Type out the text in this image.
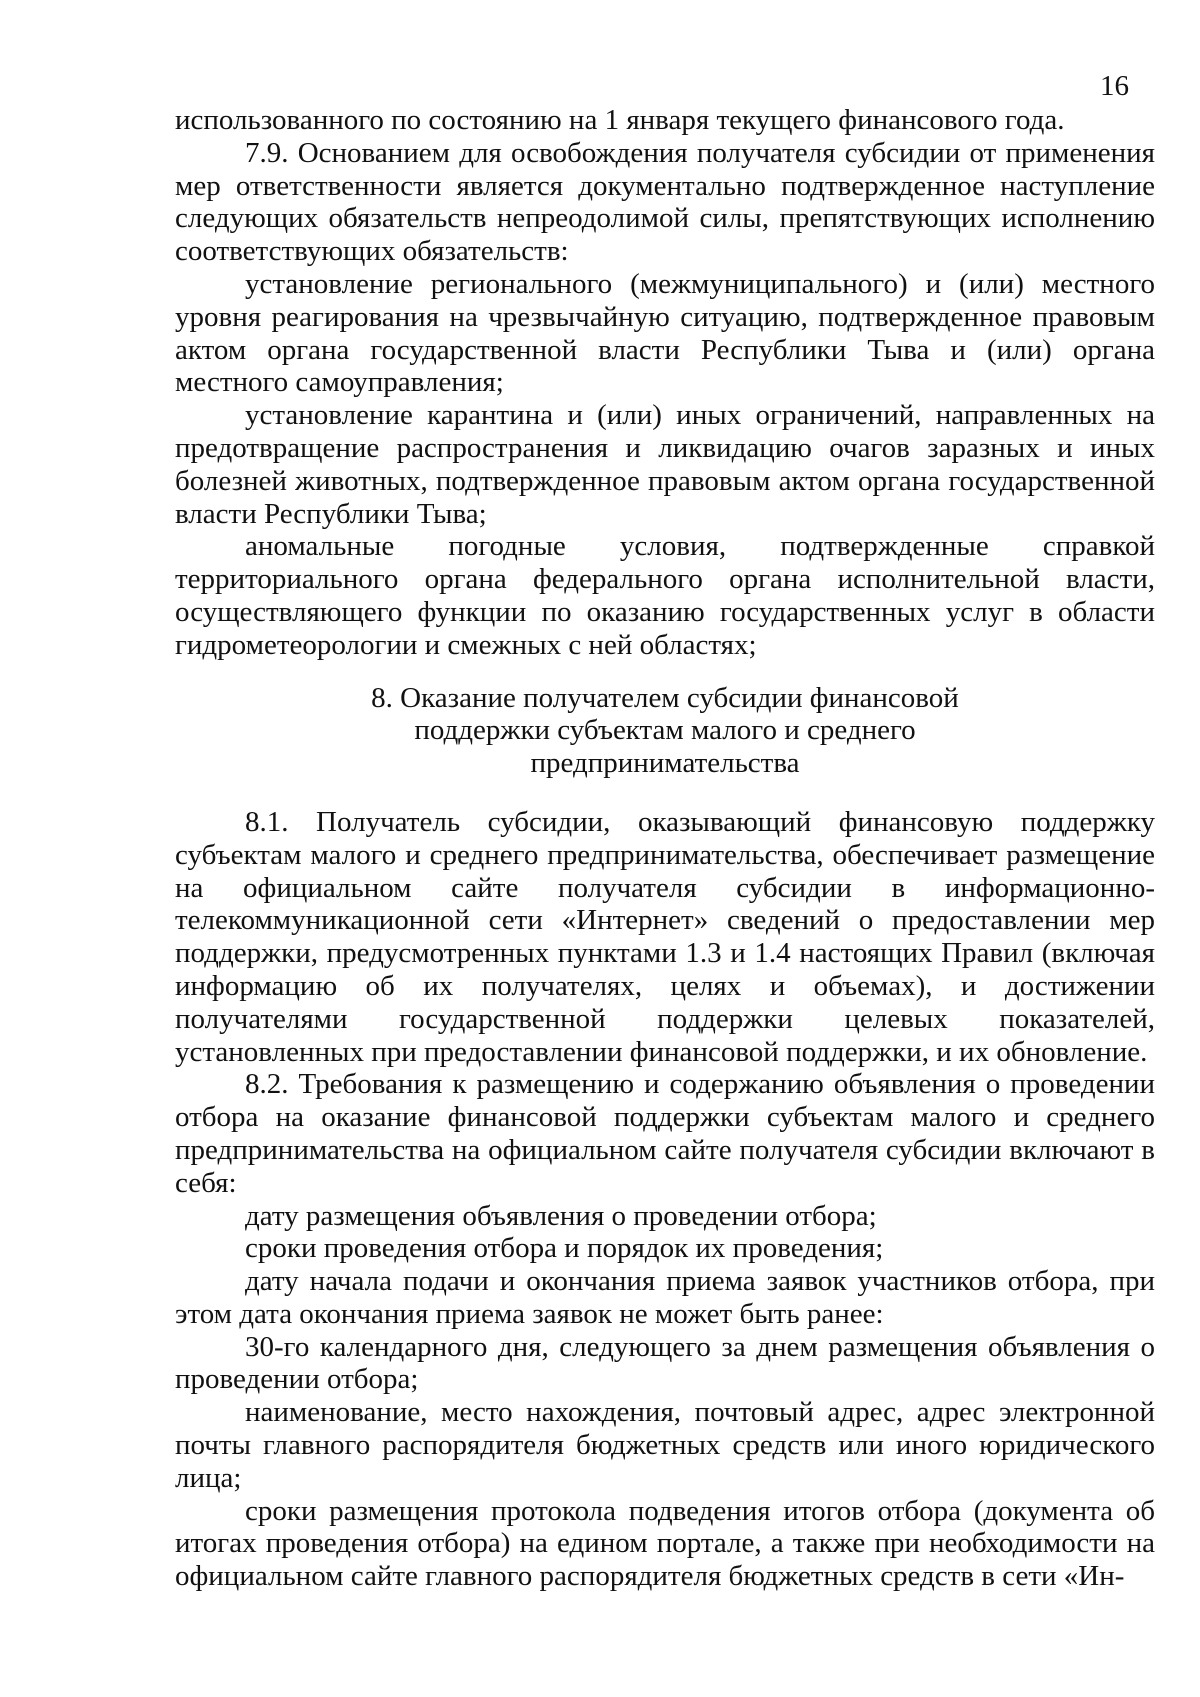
16

использованного по состоянию на 1 января текущего финансового года.

7.9. Основанием для освобождения получателя субсидии от применения мер ответственности является документально подтвержденное наступление следующих обязательств непреодолимой силы, препятствующих исполнению соответствующих обязательств:

установление регионального (межмуниципального) и (или) местного уровня реагирования на чрезвычайную ситуацию, подтвержденное правовым актом органа государственной власти Республики Тыва и (или) органа местного самоуправления;

установление карантина и (или) иных ограничений, направленных на предотвращение распространения и ликвидацию очагов заразных и иных болезней животных, подтвержденное правовым актом органа государственной власти Республики Тыва;

аномальные погодные условия, подтвержденные справкой территориального органа федерального органа исполнительной власти, осуществляющего функции по оказанию государственных услуг в области гидрометеорологии и смежных с ней областях;

8. Оказание получателем субсидии финансовой
поддержки субъектам малого и среднего
предпринимательства

8.1. Получатель субсидии, оказывающий финансовую поддержку субъектам малого и среднего предпринимательства, обеспечивает размещение на официальном сайте получателя субсидии в информационно-телекоммуникационной сети «Интернет» сведений о предоставлении мер поддержки, предусмотренных пунктами 1.3 и 1.4 настоящих Правил (включая информацию об их получателях, целях и объемах), и достижении получателями государственной поддержки целевых показателей, установленных при предоставлении финансовой поддержки, и их обновление.

8.2. Требования к размещению и содержанию объявления о проведении отбора на оказание финансовой поддержки субъектам малого и среднего предпринимательства на официальном сайте получателя субсидии включают в себя:

дату размещения объявления о проведении отбора;

сроки проведения отбора и порядок их проведения;

дату начала подачи и окончания приема заявок участников отбора, при этом дата окончания приема заявок не может быть ранее:

30-го календарного дня, следующего за днем размещения объявления о проведении отбора;

наименование, место нахождения, почтовый адрес, адрес электронной почты главного распорядителя бюджетных средств или иного юридического лица;

сроки размещения протокола подведения итогов отбора (документа об итогах проведения отбора) на едином портале, а также при необходимости на официальном сайте главного распорядителя бюджетных средств в сети «Ин-
